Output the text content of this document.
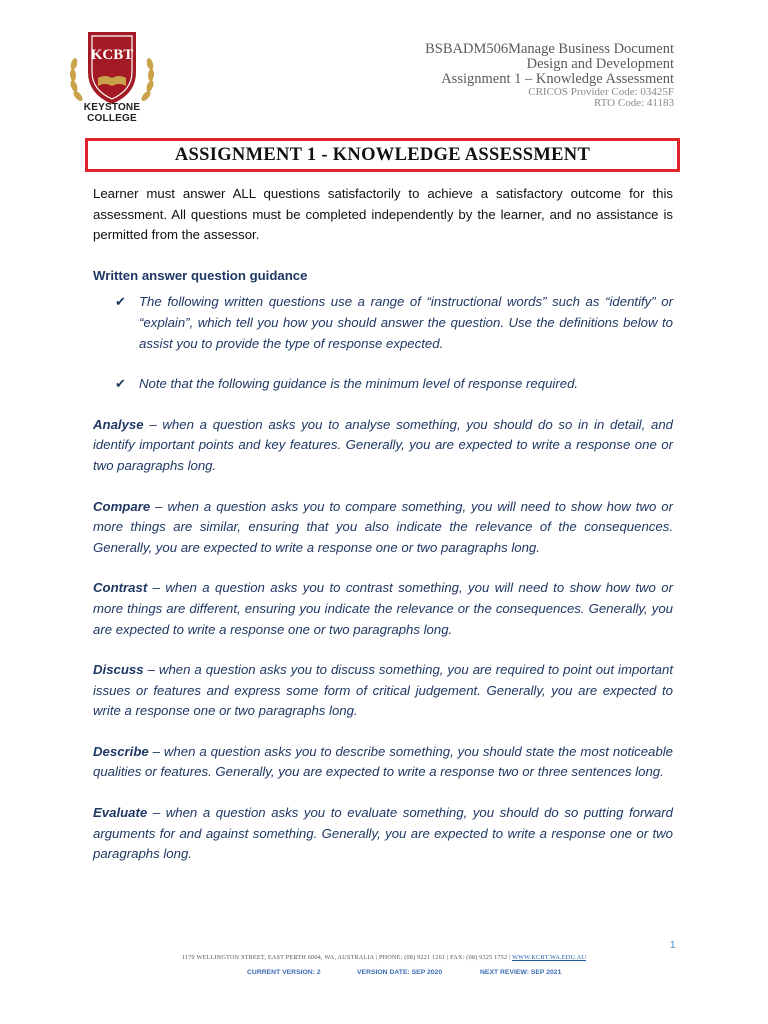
KCBT
KEYSTONE COLLEGE
BSBADM506Manage Business Document
Design and Development
Assignment 1 – Knowledge Assessment
CRICOS Provider Code: 03425F
RTO Code: 41183
ASSIGNMENT 1 - KNOWLEDGE ASSESSMENT

Learner must answer ALL questions satisfactorily to achieve a satisfactory outcome for this assessment. All questions must be completed independently by the learner, and no assistance is permitted from the assessor.

Written answer question guidance
✔ The following written questions use a range of “instructional words” such as “identify” or “explain”, which tell you how you should answer the question. Use the definitions below to assist you to provide the type of response expected.
✔ Note that the following guidance is the minimum level of response required.
Analyse – when a question asks you to analyse something, you should do so in in detail, and identify important points and key features. Generally, you are expected to write a response one or two paragraphs long.
Compare – when a question asks you to compare something, you will need to show how two or more things are similar, ensuring that you also indicate the relevance of the consequences. Generally, you are expected to write a response one or two paragraphs long.
Contrast – when a question asks you to contrast something, you will need to show how two or more things are different, ensuring you indicate the relevance or the consequences. Generally, you are expected to write a response one or two paragraphs long.
Discuss – when a question asks you to discuss something, you are required to point out important issues or features and express some form of critical judgement. Generally, you are expected to write a response one or two paragraphs long.
Describe – when a question asks you to describe something, you should state the most noticeable qualities or features. Generally, you are expected to write a response two or three sentences long.
Evaluate – when a question asks you to evaluate something, you should do so putting forward arguments for and against something. Generally, you are expected to write a response one or two paragraphs long.
1
1170 WELLINGTON STREET, EAST PERTH 6004, WA, AUSTRALIA | PHONE: (08) 9221 1261 | FAX: (08) 9325 1752 | WWW.KCBT.WA.EDU.AU
CURRENT VERSION: 2	VERSION DATE: SEP 2020	NEXT REVIEW: SEP 2021
